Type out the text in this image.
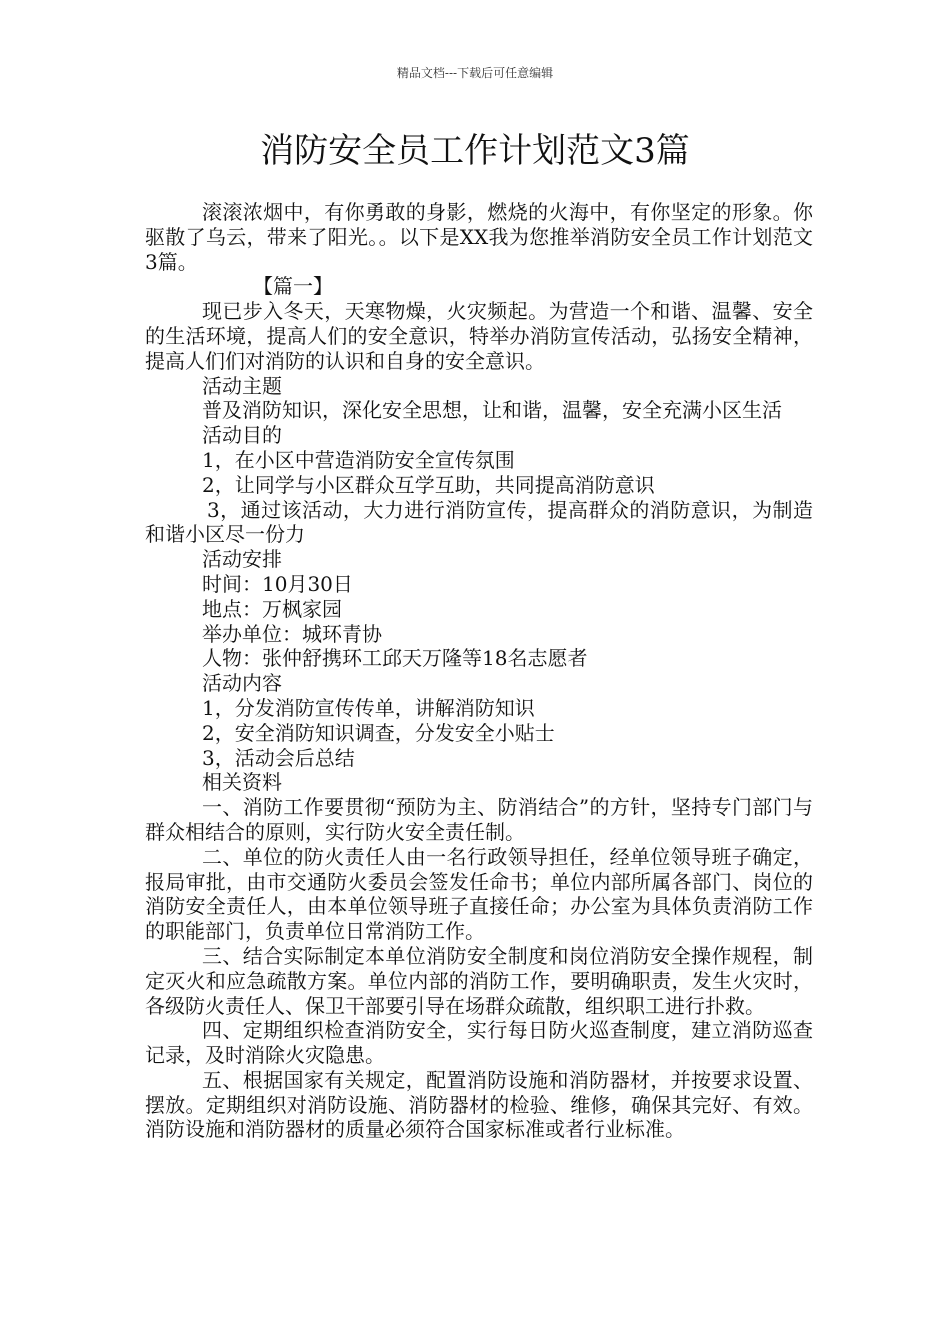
精品文档---下载后可任意编辑
消防安全员工作计划范文3篇

滚滚浓烟中，有你勇敢的身影，燃烧的火海中，有你坚定的形象。你驱散了乌云，带来了阳光。。以下是XX我为您推举消防安全员工作计划范文3篇。

【篇一】

现已步入冬天，天寒物燥，火灾频起。为营造一个和谐、温馨、安全的生活环境，提高人们的安全意识，特举办消防宣传活动，弘扬安全精神，提高人们们对消防的认识和自身的安全意识。

活动主题

普及消防知识，深化安全思想，让和谐，温馨，安全充满小区生活

活动目的

1，在小区中营造消防安全宣传氛围

2，让同学与小区群众互学互助，共同提高消防意识

3，通过该活动，大力进行消防宣传，提高群众的消防意识，为制造和谐小区尽一份力

活动安排

时间：10月30日

地点：万枫家园

举办单位：城环青协

人物：张仲舒携环工邱天万隆等18名志愿者

活动内容

1，分发消防宣传传单，讲解消防知识

2，安全消防知识调查，分发安全小贴士

3，活动会后总结

相关资料

一、消防工作要贯彻“预防为主、防消结合”的方针，坚持专门部门与群众相结合的原则，实行防火安全责任制。

二、单位的防火责任人由一名行政领导担任，经单位领导班子确定，报局审批，由市交通防火委员会签发任命书；单位内部所属各部门、岗位的消防安全责任人，由本单位领导班子直接任命；办公室为具体负责消防工作的职能部门，负责单位日常消防工作。

三、结合实际制定本单位消防安全制度和岗位消防安全操作规程，制定灭火和应急疏散方案。单位内部的消防工作，要明确职责，发生火灾时，各级防火责任人、保卫干部要引导在场群众疏散，组织职工进行扑救。

四、定期组织检查消防安全，实行每日防火巡查制度，建立消防巡查记录，及时消除火灾隐患。

五、根据国家有关规定，配置消防设施和消防器材，并按要求设置、摆放。定期组织对消防设施、消防器材的检验、维修，确保其完好、有效。消防设施和消防器材的质量必须符合国家标准或者行业标准。
